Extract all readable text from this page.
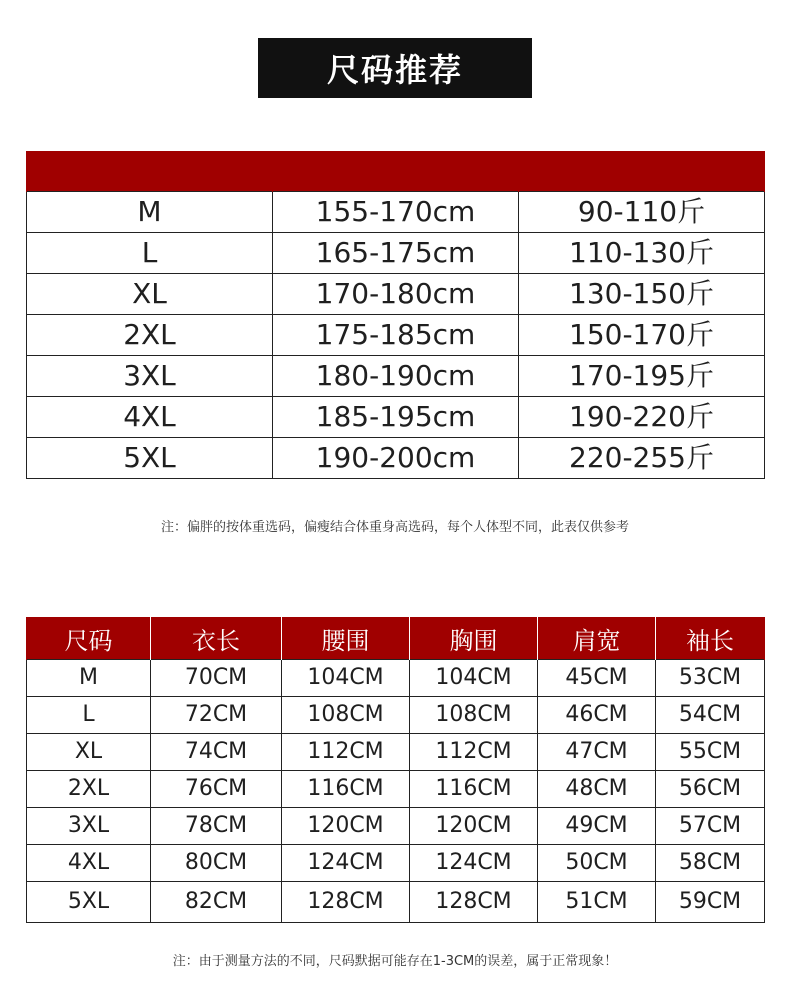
尺码推荐

M	155-170cm	90-110斤
L	165-175cm	110-130斤
XL	170-180cm	130-150斤
2XL	175-185cm	150-170斤
3XL	180-190cm	170-195斤
4XL	185-195cm	190-220斤
5XL	190-200cm	220-255斤
注：偏胖的按体重选码，偏瘦结合体重身高选码，每个人体型不同，此表仅供参考
尺码	衣长	腰围	胸围	肩宽	袖长
M	70CM	104CM	104CM	45CM	53CM
L	72CM	108CM	108CM	46CM	54CM
XL	74CM	112CM	112CM	47CM	55CM
2XL	76CM	116CM	116CM	48CM	56CM
3XL	78CM	120CM	120CM	49CM	57CM
4XL	80CM	124CM	124CM	50CM	58CM
5XL	82CM	128CM	128CM	51CM	59CM
注：由于测量方法的不同，尺码默据可能存在1-3CM的误差，属于正常现象！
